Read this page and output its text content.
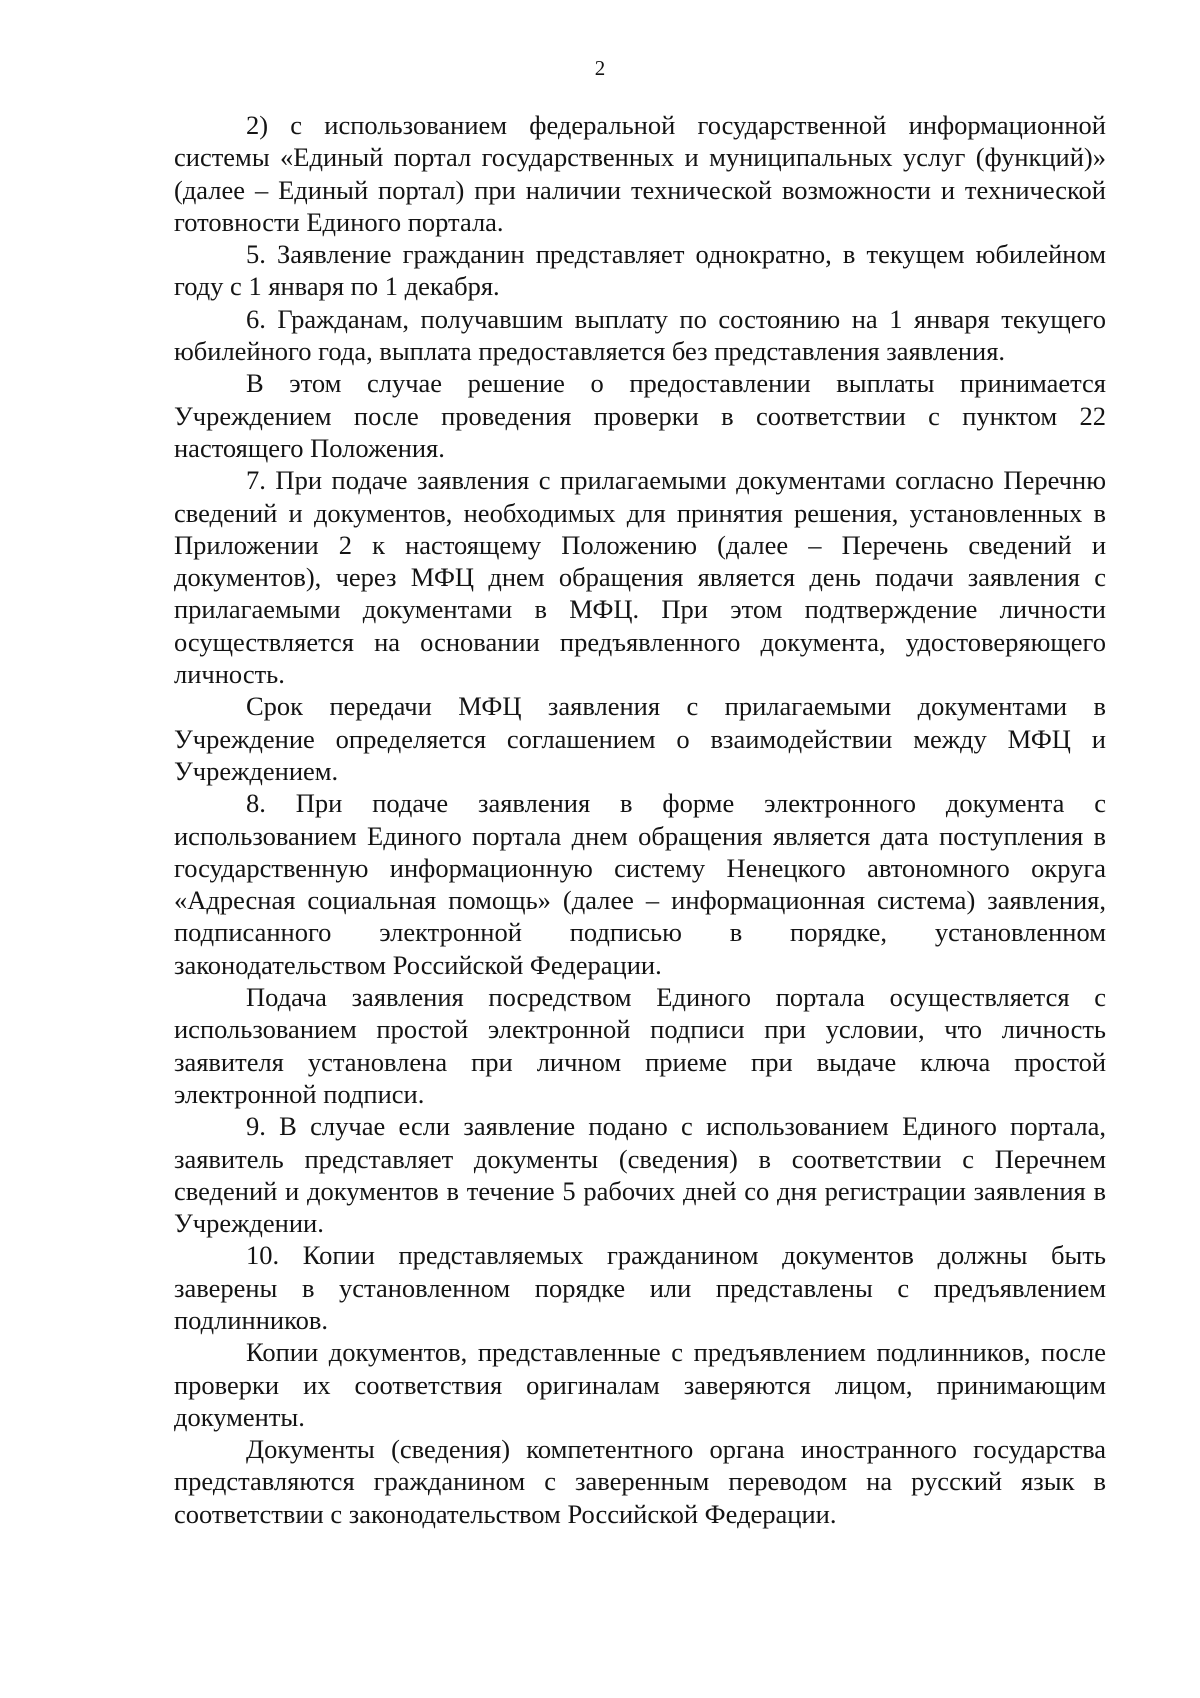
2

2) с использованием федеральной государственной информационной системы «Единый портал государственных и муниципальных услуг (функций)» (далее – Единый портал) при наличии технической возможности и технической готовности Единого портала.

5. Заявление гражданин представляет однократно, в текущем юбилейном году с 1 января по 1 декабря.

6. Гражданам, получавшим выплату по состоянию на 1 января текущего юбилейного года, выплата предоставляется без представления заявления.

В этом случае решение о предоставлении выплаты принимается Учреждением после проведения проверки в соответствии с пунктом 22 настоящего Положения.

7. При подаче заявления с прилагаемыми документами согласно Перечню сведений и документов, необходимых для принятия решения, установленных в Приложении 2 к настоящему Положению (далее – Перечень сведений и документов), через МФЦ днем обращения является день подачи заявления с прилагаемыми документами в МФЦ. При этом подтверждение личности осуществляется на основании предъявленного документа, удостоверяющего личность.

Срок передачи МФЦ заявления с прилагаемыми документами в Учреждение определяется соглашением о взаимодействии между МФЦ и Учреждением.

8. При подаче заявления в форме электронного документа с использованием Единого портала днем обращения является дата поступления в государственную информационную систему Ненецкого автономного округа «Адресная социальная помощь» (далее – информационная система) заявления, подписанного электронной подписью в порядке, установленном законодательством Российской Федерации.

Подача заявления посредством Единого портала осуществляется с использованием простой электронной подписи при условии, что личность заявителя установлена при личном приеме при выдаче ключа простой электронной подписи.

9. В случае если заявление подано с использованием Единого портала, заявитель представляет документы (сведения) в соответствии с Перечнем сведений и документов в течение 5 рабочих дней со дня регистрации заявления в Учреждении.

10. Копии представляемых гражданином документов должны быть заверены в установленном порядке или представлены с предъявлением подлинников.

Копии документов, представленные с предъявлением подлинников, после проверки их соответствия оригиналам заверяются лицом, принимающим документы.

Документы (сведения) компетентного органа иностранного государства представляются гражданином с заверенным переводом на русский язык в соответствии с законодательством Российской Федерации.
